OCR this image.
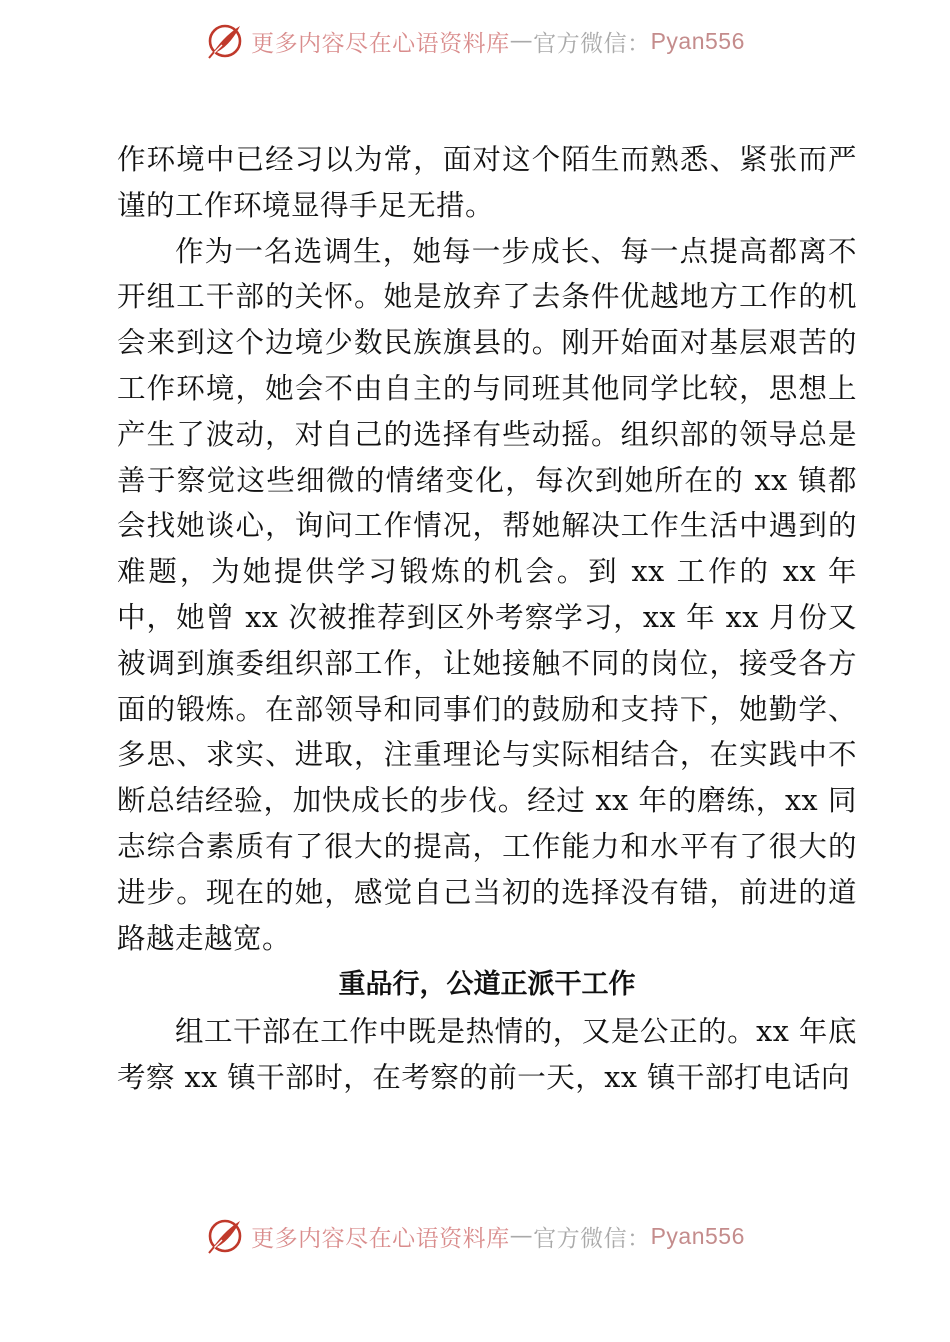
更多内容尽在心语资料库 — 官方微信： Pyan556

作环境中已经习以为常，面对这个陌生而熟悉、紧张而严谨的工作环境显得手足无措。

作为一名选调生，她每一步成长、每一点提高都离不开组工干部的关怀。她是放弃了去条件优越地方工作的机会来到这个边境少数民族旗县的。刚开始面对基层艰苦的工作环境，她会不由自主的与同班其他同学比较，思想上产生了波动，对自己的选择有些动摇。组织部的领导总是善于察觉这些细微的情绪变化，每次到她所在的 xx 镇都会找她谈心，询问工作情况，帮她解决工作生活中遇到的难题，为她提供学习锻炼的机会。到 xx 工作的 xx 年中，她曾 xx 次被推荐到区外考察学习，xx 年 xx 月份又被调到旗委组织部工作，让她接触不同的岗位，接受各方面的锻炼。在部领导和同事们的鼓励和支持下，她勤学、多思、求实、进取，注重理论与实际相结合，在实践中不断总结经验，加快成长的步伐。经过 xx 年的磨练，xx 同志综合素质有了很大的提高，工作能力和水平有了很大的进步。现在的她，感觉自己当初的选择没有错，前进的道路越走越宽。

重品行，公道正派干工作

组工干部在工作中既是热情的，又是公正的。xx 年底考察 xx 镇干部时，在考察的前一天，xx 镇干部打电话向

更多内容尽在心语资料库 — 官方微信： Pyan556
